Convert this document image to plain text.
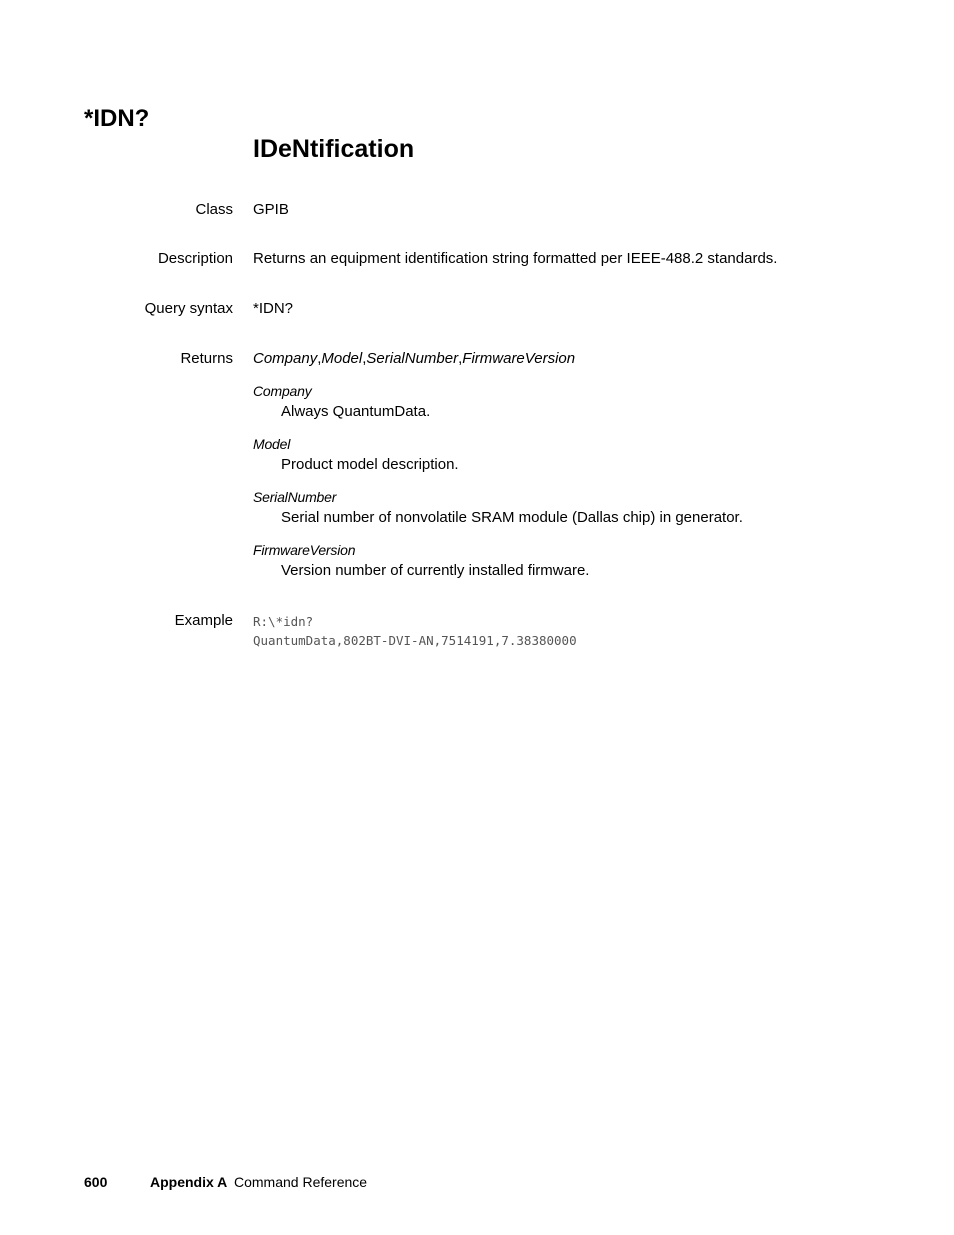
*IDN?
IDeNtification
Class GPIB
Description Returns an equipment identification string formatted per IEEE-488.2 standards.
Query syntax *IDN?
Returns Company,Model,SerialNumber,FirmwareVersion
Company
Always QuantumData.
Model
Product model description.
SerialNumber
Serial number of nonvolatile SRAM module (Dallas chip) in generator.
FirmwareVersion
Version number of currently installed firmware.
Example R:\*idn?
QuantumData,802BT-DVI-AN,7514191,7.38380000
600	Appendix A Command Reference
